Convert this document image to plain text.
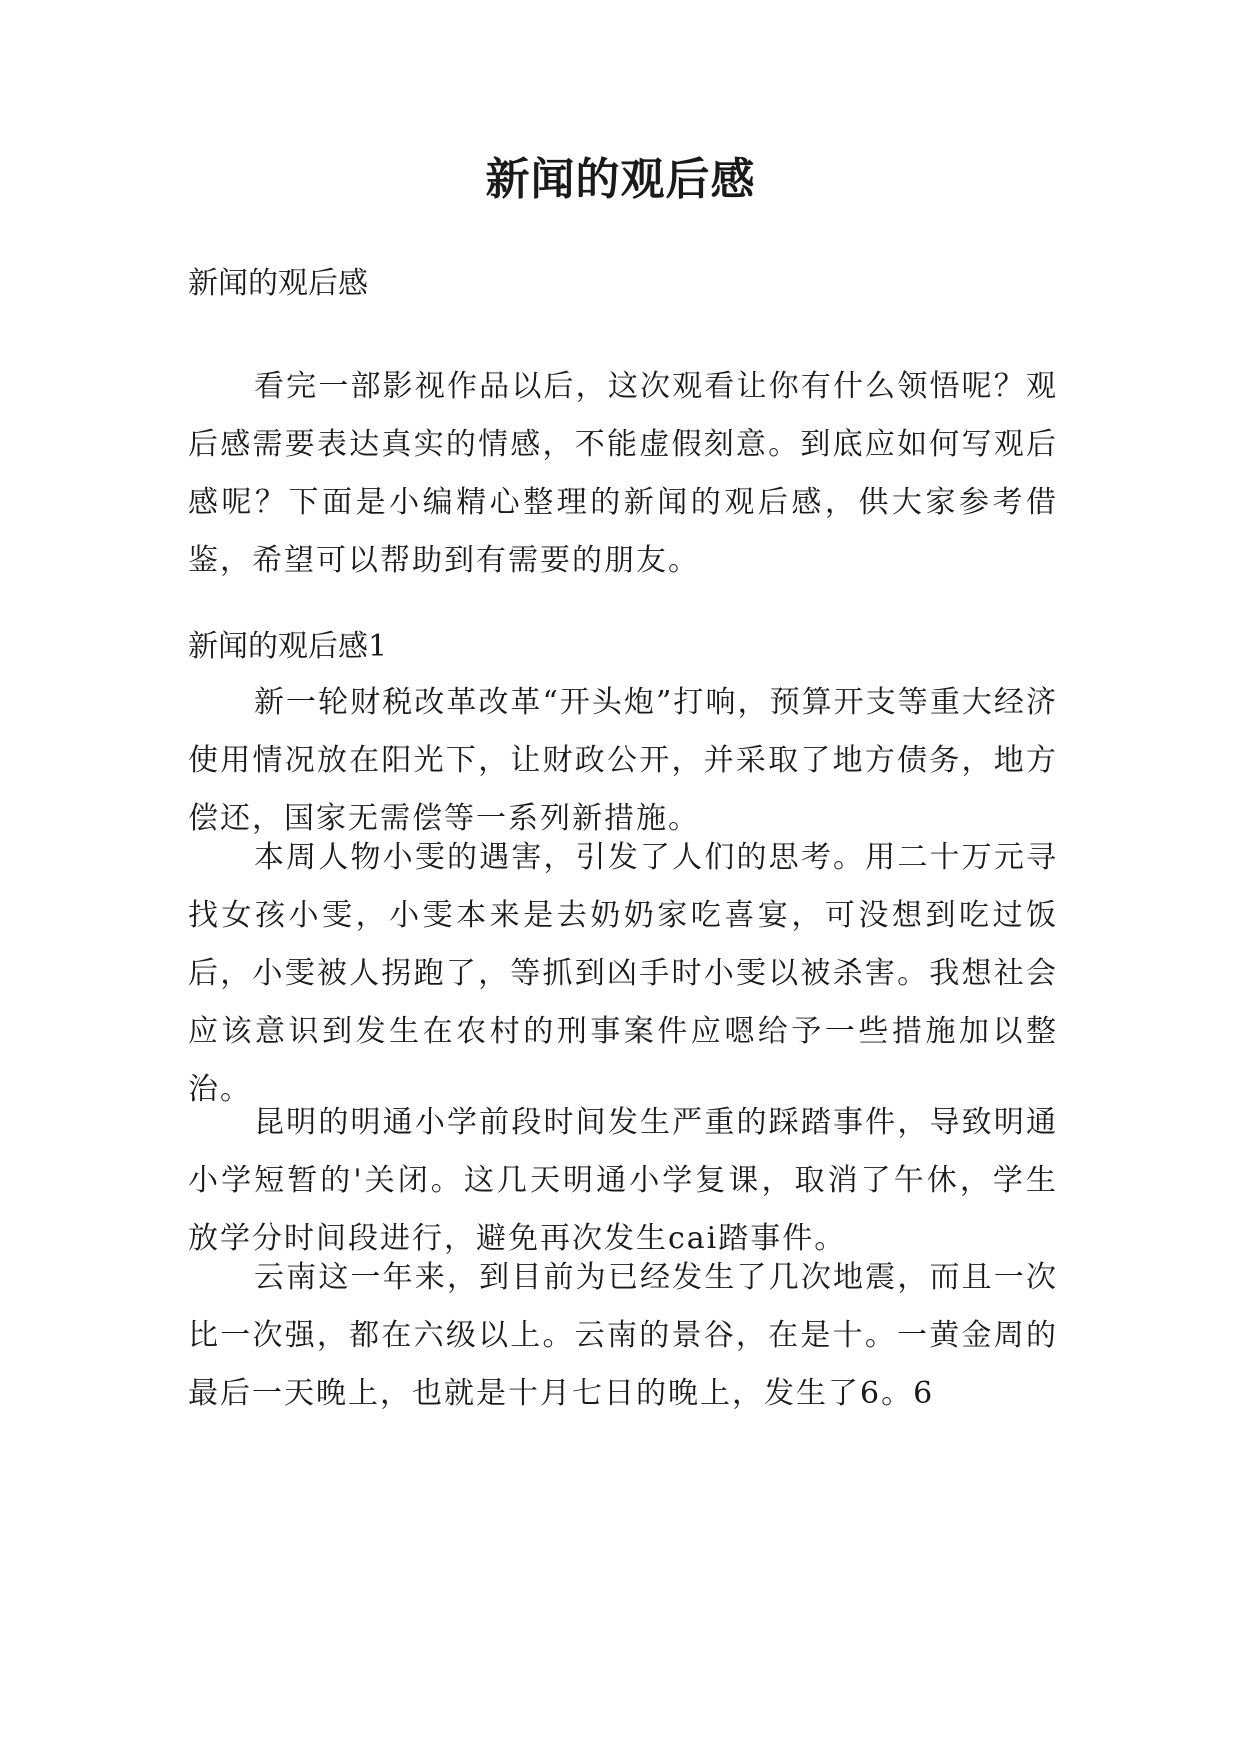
新闻的观后感

新闻的观后感

看完一部影视作品以后，这次观看让你有什么领悟呢？观后感需要表达真实的情感，不能虚假刻意。到底应如何写观后感呢？下面是小编精心整理的新闻的观后感，供大家参考借鉴，希望可以帮助到有需要的朋友。

新闻的观后感1

新一轮财税改革改革“开头炮”打响，预算开支等重大经济使用情况放在阳光下，让财政公开，并采取了地方债务，地方偿还，国家无需偿等一系列新措施。

本周人物小雯的遇害，引发了人们的思考。用二十万元寻找女孩小雯，小雯本来是去奶奶家吃喜宴，可没想到吃过饭后，小雯被人拐跑了，等抓到凶手时小雯以被杀害。我想社会应该意识到发生在农村的刑事案件应嗯给予一些措施加以整治。

昆明的明通小学前段时间发生严重的踩踏事件，导致明通小学短暂的'关闭。这几天明通小学复课，取消了午休，学生放学分时间段进行，避免再次发生cai踏事件。

云南这一年来，到目前为已经发生了几次地震，而且一次比一次强，都在六级以上。云南的景谷，在是十。一黄金周的最后一天晚上，也就是十月七日的晚上，发生了6。6
